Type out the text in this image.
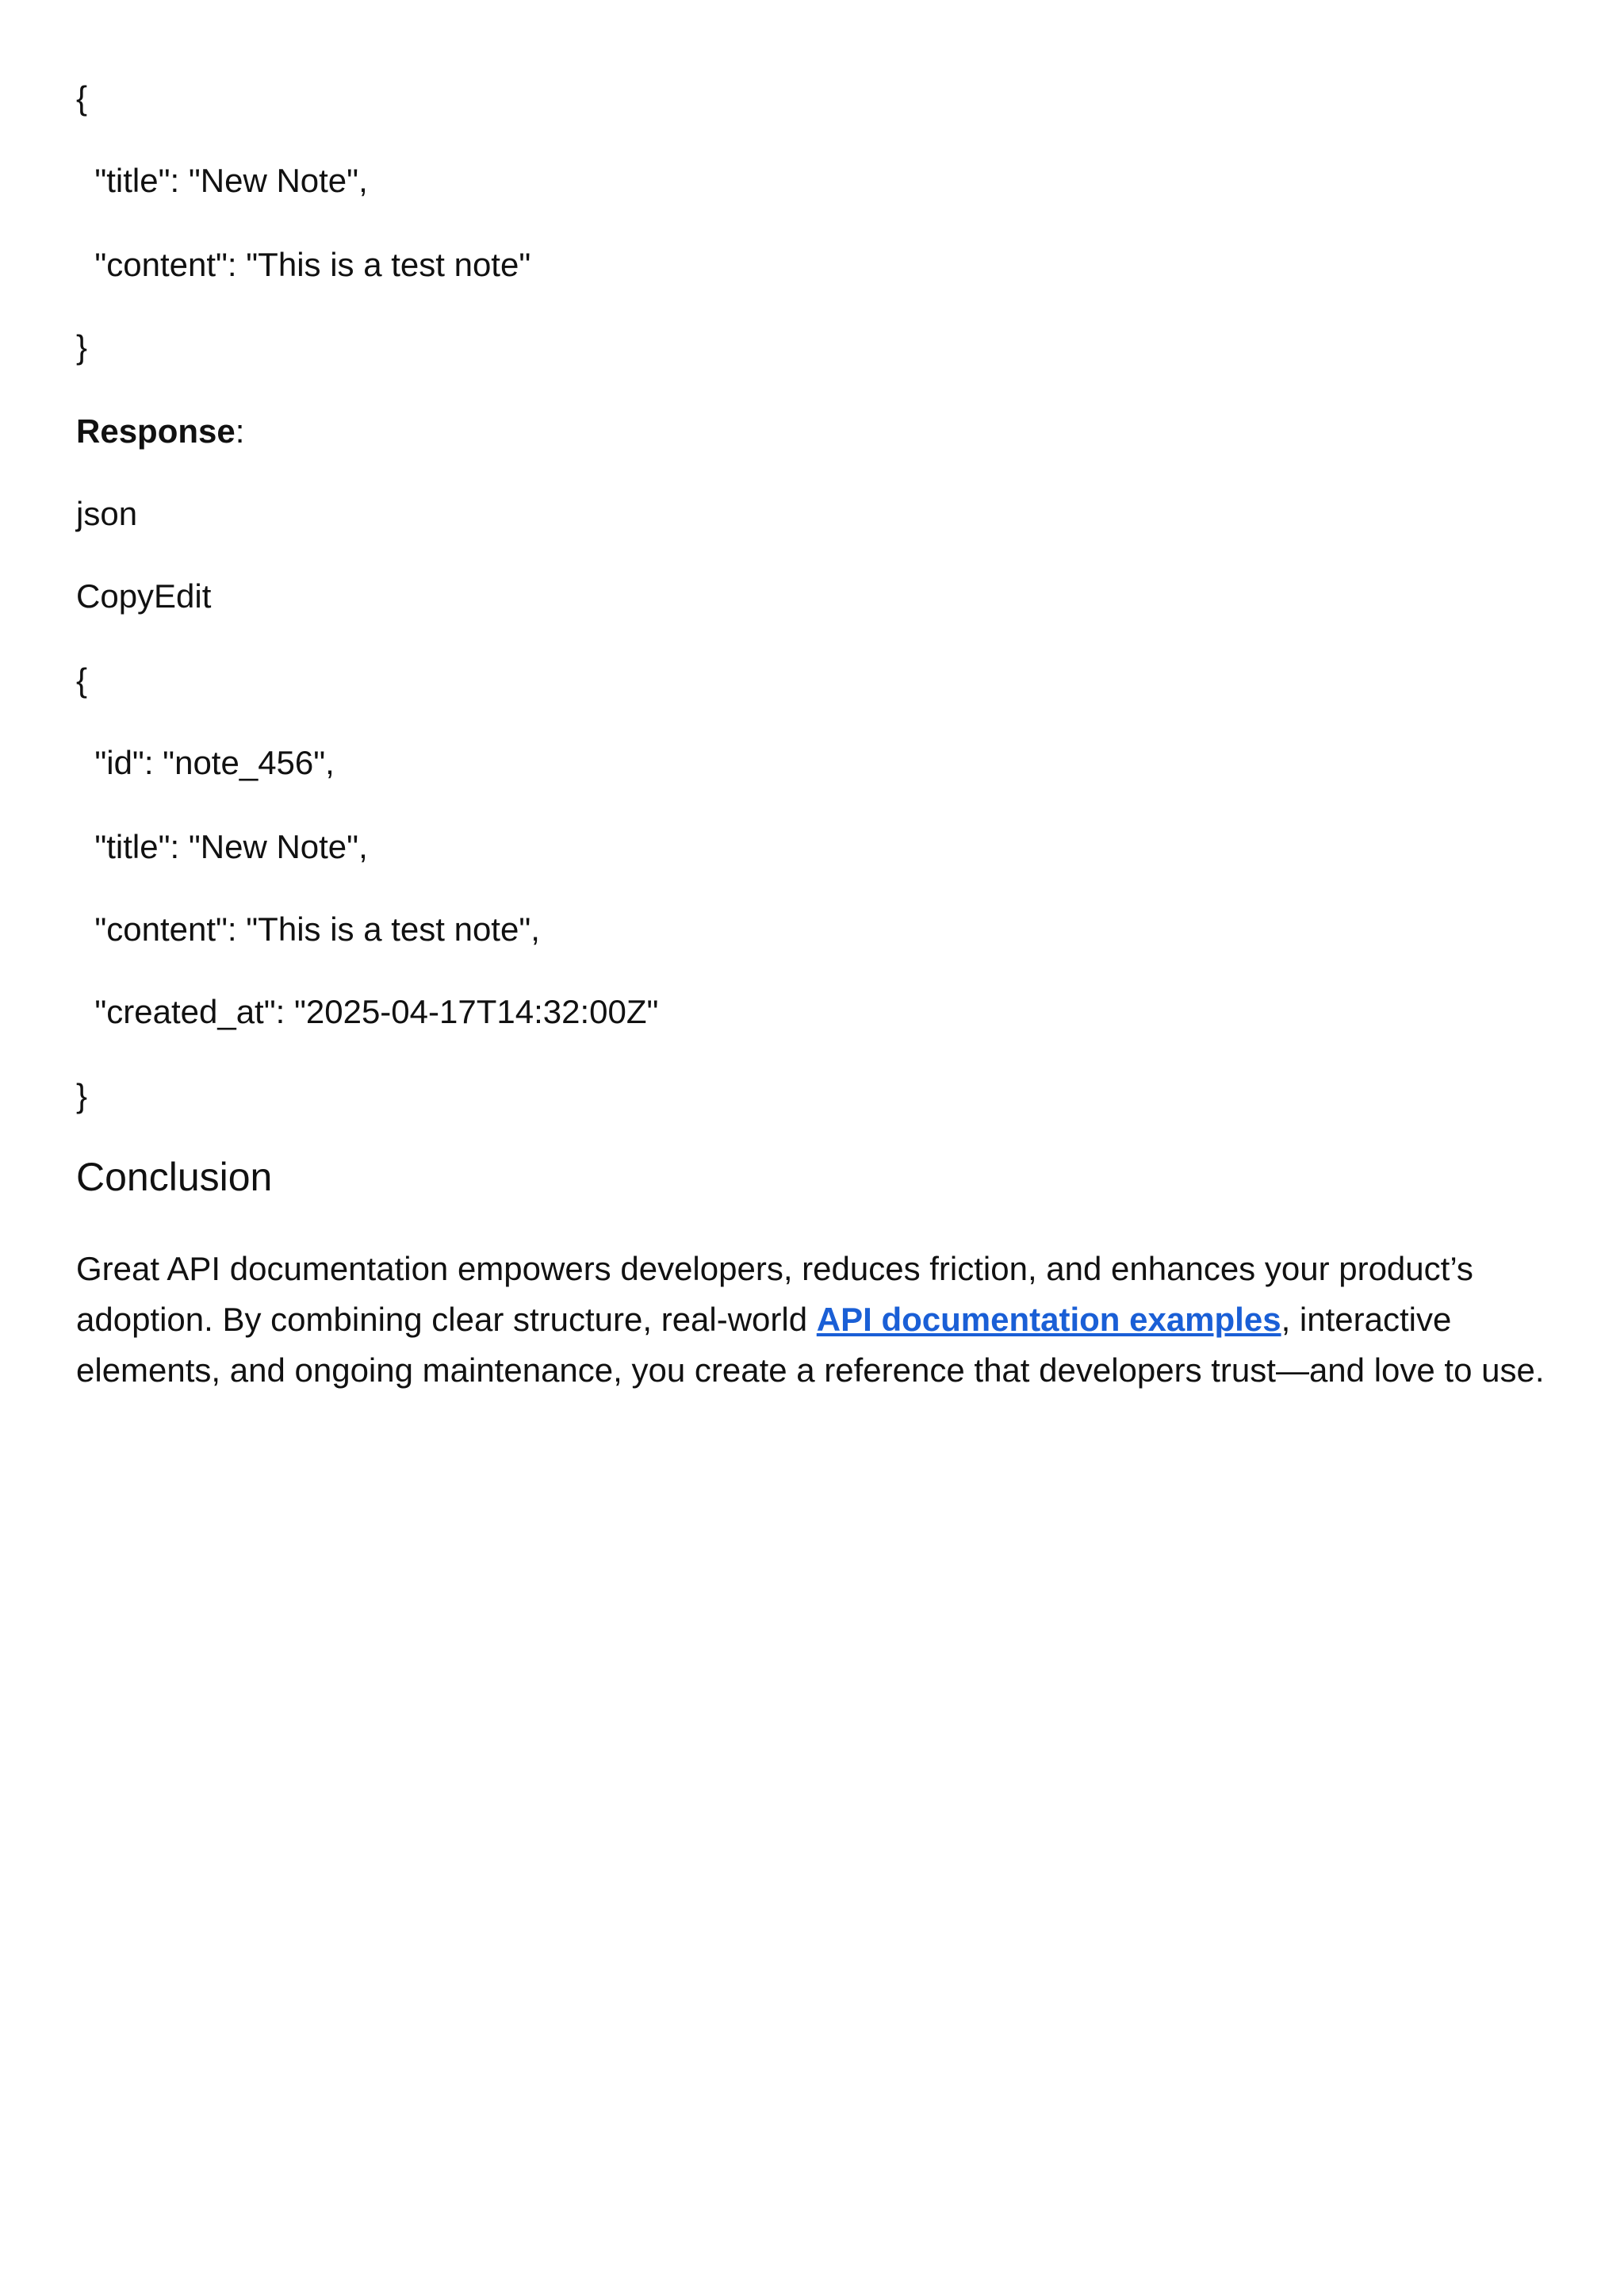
{
"title": "New Note",
"content": "This is a test note"
}
Response:
json
CopyEdit
{
"id": "note_456",
"title": "New Note",
"content": "This is a test note",
"created_at": "2025-04-17T14:32:00Z"
}
Conclusion

Great API documentation empowers developers, reduces friction, and enhances your product’s adoption. By combining clear structure, real-world API documentation examples, interactive elements, and ongoing maintenance, you create a reference that developers trust—and love to use.
